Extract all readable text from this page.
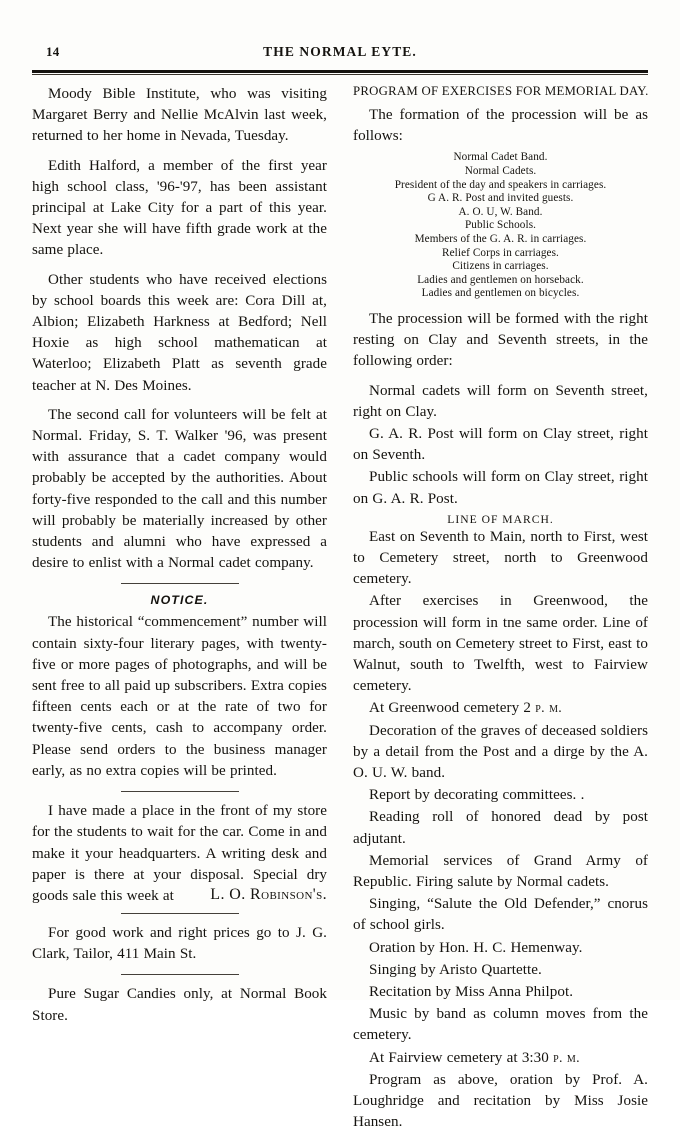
14	THE NORMAL EYTE.

Moody Bible Institute, who was visiting Margaret Berry and Nellie McAlvin last week, returned to her home in Nevada, Tuesday.

Edith Halford, a member of the first year high school class, '96-'97, has been assistant principal at Lake City for a part of this year. Next year she will have fifth grade work at the same place.

Other students who have received elections by school boards this week are: Cora Dill at, Albion; Elizabeth Harkness at Bedford; Nell Hoxie as high school mathematican at Waterloo; Elizabeth Platt as seventh grade teacher at N. Des Moines.

The second call for volunteers will be felt at Normal. Friday, S. T. Walker '96, was present with assurance that a cadet company would probably be accepted by the authorities. About forty-five responded to the call and this number will probably be materially increased by other students and alumni who have expressed a desire to enlist with a Normal cadet company.

NOTICE.

The historical “commencement” number will contain sixty-four literary pages, with twenty-five or more pages of photographs, and will be sent free to all paid up subscribers. Extra copies fifteen cents each or at the rate of two for twenty-five cents, cash to accompany order. Please send orders to the business manager early, as no extra copies will be printed.

I have made a place in the front of my store for the students to wait for the car. Come in and make it your headquarters. A writing desk and paper is there at your disposal. Special dry goods sale this week at	L. O. Robinson's.

For good work and right prices go to J. G. Clark, Tailor, 411 Main St.

Pure Sugar Candies only, at Normal Book Store.

PROGRAM OF EXERCISES FOR MEMORIAL DAY.

The formation of the procession will be as follows:

Normal Cadet Band.
Normal Cadets.
President of the day and speakers in carriages.
G A. R. Post and invited guests.
A. O. U, W. Band.
Public Schools.
Members of the G. A. R. in carriages.
Relief Corps in carriages.
Citizens in carriages.
Ladies and gentlemen on horseback.
Ladies and gentlemen on bicycles.

The procession will be formed with the right resting on Clay and Seventh streets, in the following order:

Normal cadets will form on Seventh street, right on Clay.

G. A. R. Post will form on Clay street, right on Seventh.

Public schools will form on Clay street, right on G. A. R. Post.

LINE OF MARCH.

East on Seventh to Main, north to First, west to Cemetery street, north to Greenwood cemetery.

After exercises in Greenwood, the procession will form in tne same order. Line of march, south on Cemetery street to First, east to Walnut, south to Twelfth, west to Fairview cemetery.

At Greenwood cemetery 2 p. m.

Decoration of the graves of deceased soldiers by a detail from the Post and a dirge by the A. O. U. W. band.

Report by decorating committees. .

Reading roll of honored dead by post adjutant.

Memorial services of Grand Army of Republic. Firing salute by Normal cadets.

Singing, “Salute the Old Defender,” cnorus of school girls.

Oration by Hon. H. C. Hemenway.

Singing by Aristo Quartette.

Recitation by Miss Anna Philpot.

Music by band as column moves from the cemetery.

At Fairview cemetery at 3:30 p. m.

Program as above, oration by Prof. A. Loughridge and recitation by Miss Josie Hansen.
